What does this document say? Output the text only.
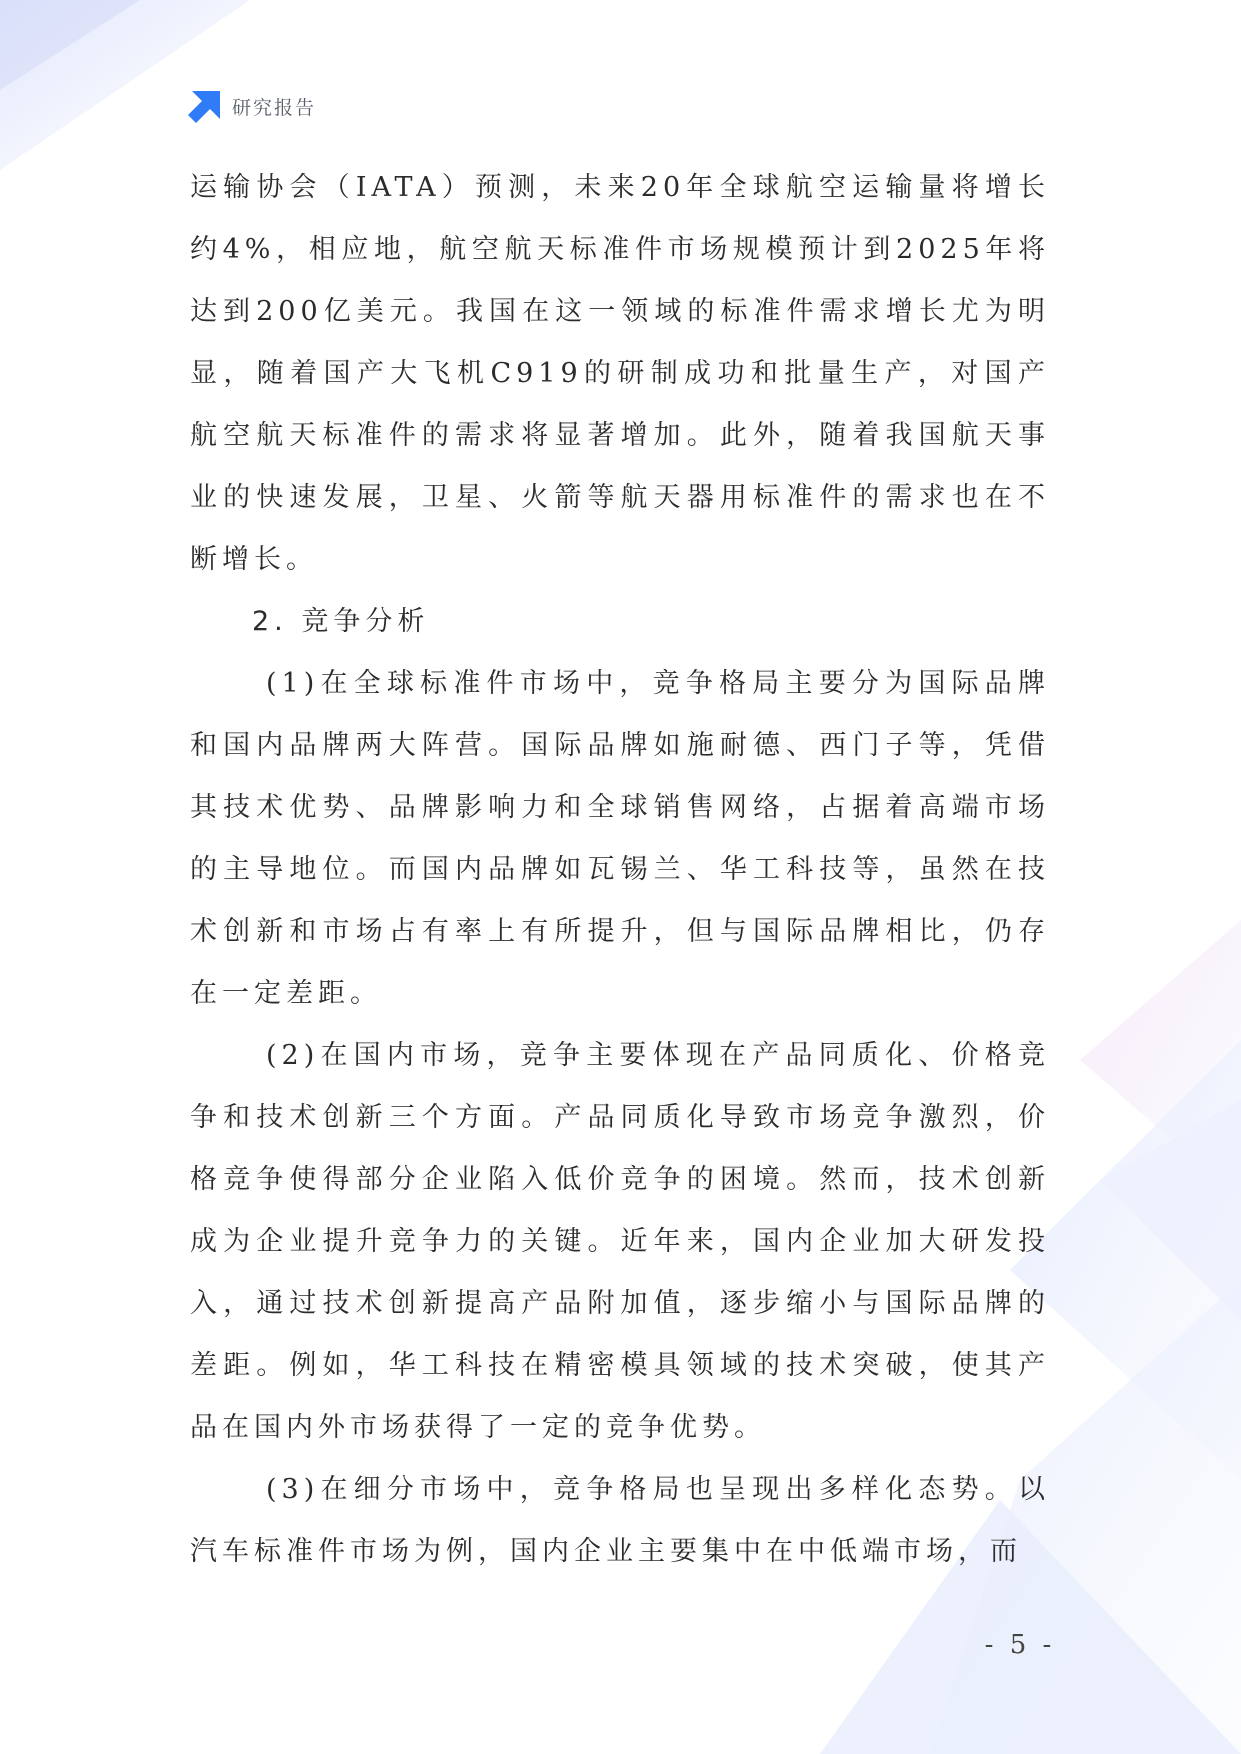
研究报告

运输协会（IATA）预测，未来20年全球航空运输量将增长约4%，相应地，航空航天标准件市场规模预计到2025年将达到200亿美元。我国在这一领域的标准件需求增长尤为明显，随着国产大飞机C919的研制成功和批量生产，对国产航空航天标准件的需求将显著增加。此外，随着我国航天事业的快速发展，卫星、火箭等航天器用标准件的需求也在不断增长。

2. 竞争分析

(1)在全球标准件市场中，竞争格局主要分为国际品牌和国内品牌两大阵营。国际品牌如施耐德、西门子等，凭借其技术优势、品牌影响力和全球销售网络，占据着高端市场的主导地位。而国内品牌如瓦锡兰、华工科技等，虽然在技术创新和市场占有率上有所提升，但与国际品牌相比，仍存在一定差距。

(2)在国内市场，竞争主要体现在产品同质化、价格竞争和技术创新三个方面。产品同质化导致市场竞争激烈，价格竞争使得部分企业陷入低价竞争的困境。然而，技术创新成为企业提升竞争力的关键。近年来，国内企业加大研发投入，通过技术创新提高产品附加值，逐步缩小与国际品牌的差距。例如，华工科技在精密模具领域的技术突破，使其产品在国内外市场获得了一定的竞争优势。

(3)在细分市场中，竞争格局也呈现出多样化态势。以汽车标准件市场为例，国内企业主要集中在中低端市场，而

- 5 -
